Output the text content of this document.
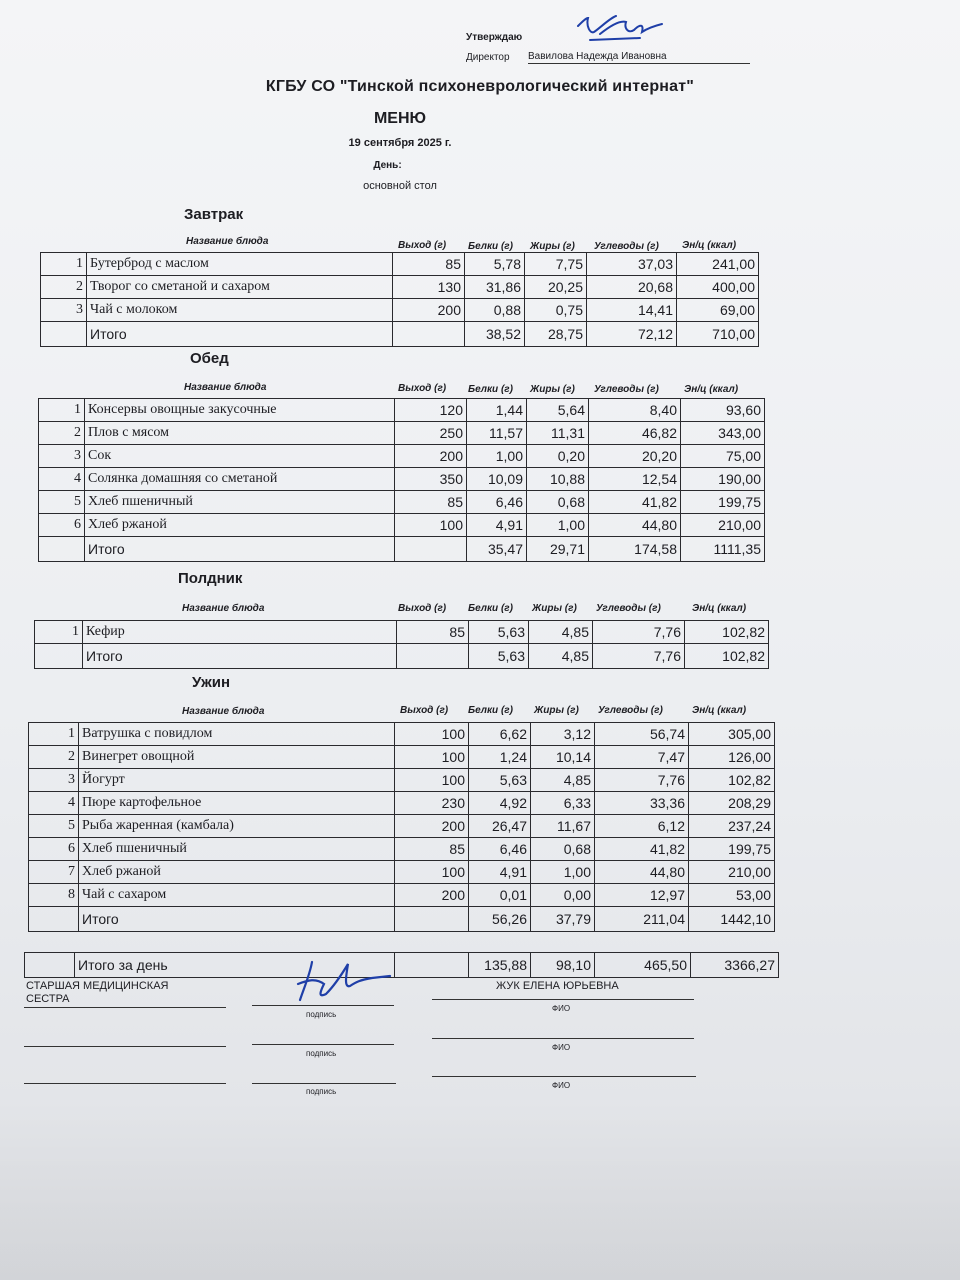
Утверждаю
Директор Вавилова Надежда Ивановна
КГБУ СО "Тинской психоневрологический интернат"
МЕНЮ
19 сентября 2025 г.
День:
основной стол
Завтрак
Название блюда	Выход (г) Белки (г) Жиры (г) Углеводы (г) Эн/ц (ккал)
1	Бутерброд с маслом	85	5,78	7,75	37,03	241,00
2	Творог со сметаной и сахаром	130	31,86	20,25	20,68	400,00
3	Чай с молоком	200	0,88	0,75	14,41	69,00
	Итого		38,52	28,75	72,12	710,00
Обед
Название блюда	Выход (г) Белки (г) Жиры (г) Углеводы (г)	Эн/ц (ккал)
1	Консервы овощные закусочные	120	1,44	5,64	8,40	93,60
2	Плов с мясом	250	11,57	11,31	46,82	343,00
3	Сок	200	1,00	0,20	20,20	75,00
4	Солянка домашняя со сметаной	350	10,09	10,88	12,54	190,00
5	Хлеб пшеничный	85	6,46	0,68	41,82	199,75
6	Хлеб ржаной	100	4,91	1,00	44,80	210,00
	Итого		35,47	29,71	174,58	1111,35
Полдник
Название блюда	Выход (г) Белки (г) Жиры (г) Углеводы (г)	Эн/ц (ккал)
1	Кефир	85	5,63	4,85	7,76	102,82
	Итого		5,63	4,85	7,76	102,82
Ужин
Название блюда	Выход (г) Белки (г) Жиры (г) Углеводы (г)	Эн/ц (ккал)
1	Ватрушка с повидлом	100	6,62	3,12	56,74	305,00
2	Винегрет овощной	100	1,24	10,14	7,47	126,00
3	Йогурт	100	5,63	4,85	7,76	102,82
4	Пюре картофельное	230	4,92	6,33	33,36	208,29
5	Рыба жаренная (камбала)	200	26,47	11,67	6,12	237,24
6	Хлеб пшеничный	85	6,46	0,68	41,82	199,75
7	Хлеб ржаной	100	4,91	1,00	44,80	210,00
8	Чай с сахаром	200	0,01	0,00	12,97	53,00
	Итого		56,26	37,79	211,04	1442,10
	Итого за день		135,88	98,10	465,50	3366,27
СТАРШАЯ МЕДИЦИНСКАЯ СЕСТРА
ЖУК ЕЛЕНА ЮРЬЕВНА
подпись
ФИО
подпись
ФИО
подпись
ФИО
